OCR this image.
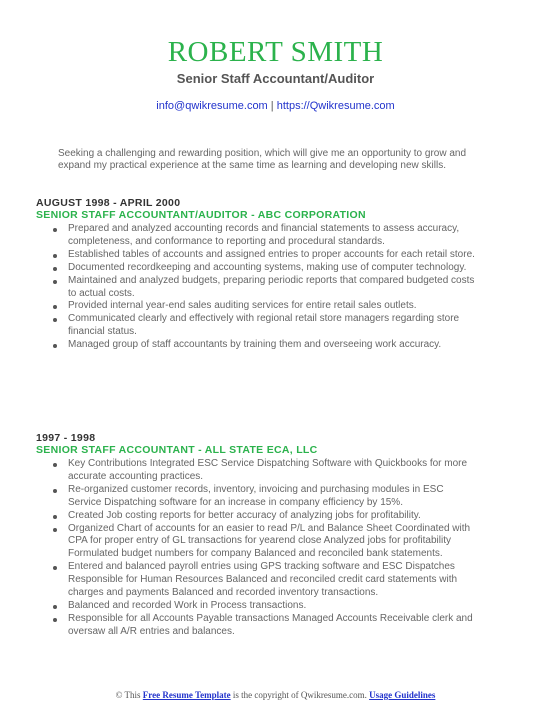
ROBERT SMITH
Senior Staff Accountant/Auditor
info@qwikresume.com | https://Qwikresume.com
Seeking a challenging and rewarding position, which will give me an opportunity to grow and expand my practical experience at the same time as learning and developing new skills.
AUGUST 1998 - APRIL 2000
SENIOR STAFF ACCOUNTANT/AUDITOR - ABC CORPORATION
Prepared and analyzed accounting records and financial statements to assess accuracy, completeness, and conformance to reporting and procedural standards.
Established tables of accounts and assigned entries to proper accounts for each retail store.
Documented recordkeeping and accounting systems, making use of computer technology.
Maintained and analyzed budgets, preparing periodic reports that compared budgeted costs to actual costs.
Provided internal year-end sales auditing services for entire retail sales outlets.
Communicated clearly and effectively with regional retail store managers regarding store financial status.
Managed group of staff accountants by training them and overseeing work accuracy.
1997 - 1998
SENIOR STAFF ACCOUNTANT - ALL STATE ECA, LLC
Key Contributions Integrated ESC Service Dispatching Software with Quickbooks for more accurate accounting practices.
Re-organized customer records, inventory, invoicing and purchasing modules in ESC Service Dispatching software for an increase in company efficiency by 15%.
Created Job costing reports for better accuracy of analyzing jobs for profitability.
Organized Chart of accounts for an easier to read P/L and Balance Sheet Coordinated with CPA for proper entry of GL transactions for yearend close Analyzed jobs for profitability Formulated budget numbers for company Balanced and reconciled bank statements.
Entered and balanced payroll entries using GPS tracking software and ESC Dispatches Responsible for Human Resources Balanced and reconciled credit card statements with charges and payments Balanced and recorded inventory transactions.
Balanced and recorded Work in Process transactions.
Responsible for all Accounts Payable transactions Managed Accounts Receivable clerk and oversaw all A/R entries and balances.
© This Free Resume Template is the copyright of Qwikresume.com. Usage Guidelines
